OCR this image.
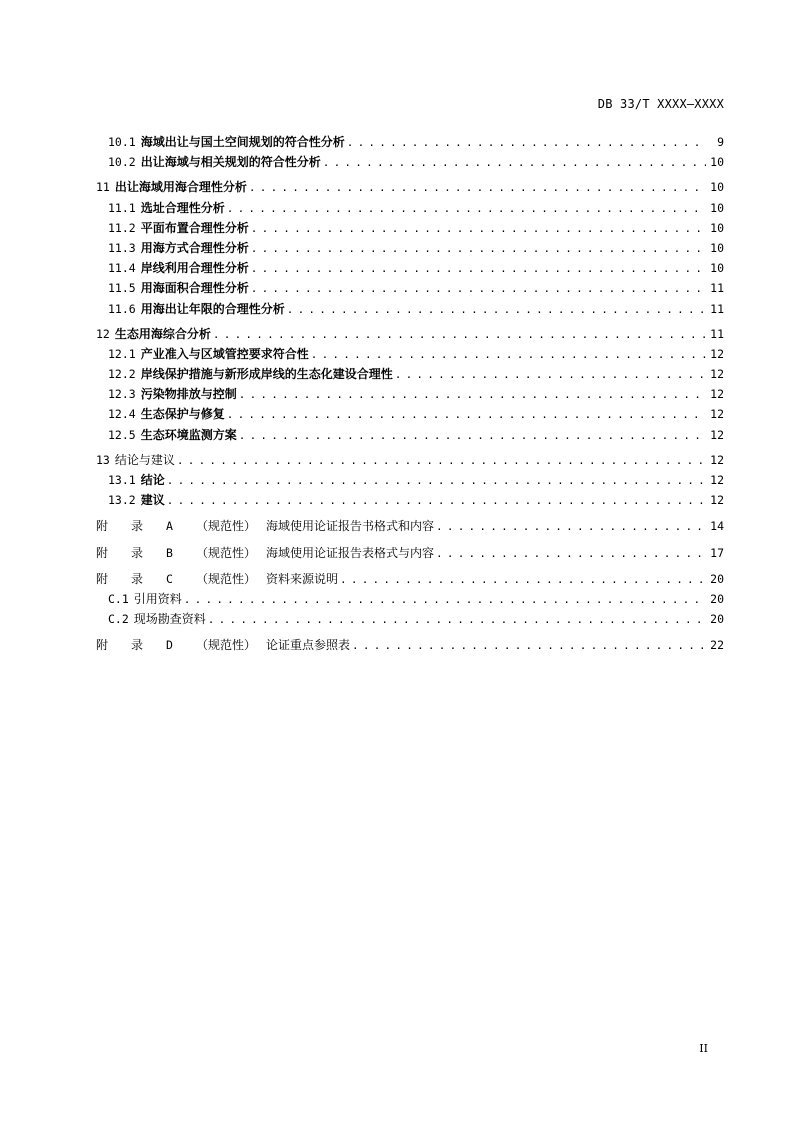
DB 33/T XXXX—XXXX
10.1 海域出让与国土空间规划的符合性分析 . . .	9
10.2 出让海域与相关规划的符合性分析 . . .	10
11 出让海域用海合理性分析 . . .	10
11.1 选址合理性分析 . . .	10
11.2 平面布置合理性分析 . . .	10
11.3 用海方式合理性分析 . . .	10
11.4 岸线利用合理性分析 . . .	10
11.5 用海面积合理性分析 . . .	11
11.6 用海出让年限的合理性分析 . . .	11
12 生态用海综合分析 . . .	11
12.1 产业准入与区域管控要求符合性 . . .	12
12.2 岸线保护措施与新形成岸线的生态化建设合理性 . . .	12
12.3 污染物排放与控制 . . .	12
12.4 生态保护与修复 . . .	12
12.5 生态环境监测方案 . . .	12
13 结论与建议 . . .	12
13.1 结论 . . .	12
13.2 建议 . . .	12
附 录 A （规范性） 海域使用论证报告书格式和内容 . . .	14
附 录 B （规范性） 海域使用论证报告表格式与内容 . . .	17
附 录 C （规范性） 资料来源说明 . . .	20
C.1 引用资料 . . .	20
C.2 现场勘查资料 . . .	20
附 录 D （规范性） 论证重点参照表 . . .	22
II
